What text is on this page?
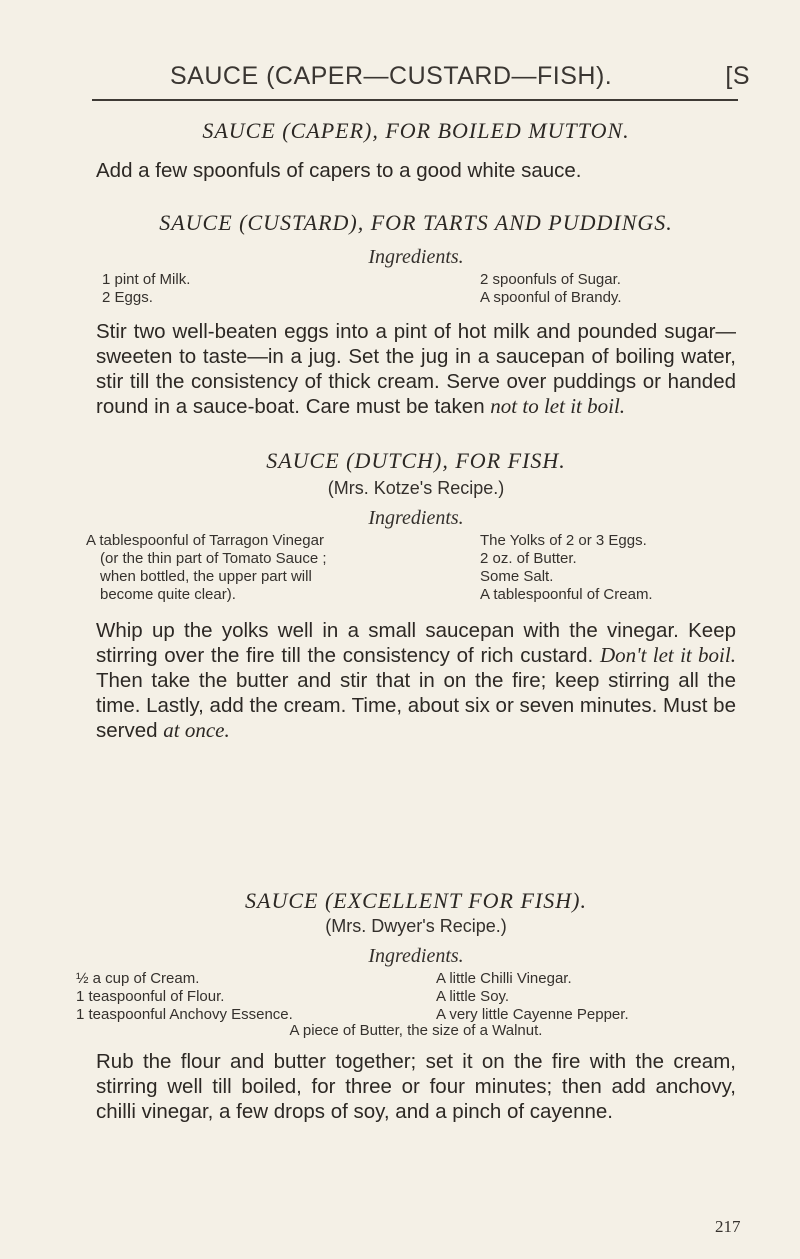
SAUCE (CAPER—CUSTARD—FISH).	[S
SAUCE (CAPER), FOR BOILED MUTTON.
Add a few spoonfuls of capers to a good white sauce.
SAUCE (CUSTARD), FOR TARTS AND PUDDINGS.
Ingredients.
1 pint of Milk.
2 Eggs.
2 spoonfuls of Sugar.
A spoonful of Brandy.
Stir two well-beaten eggs into a pint of hot milk and pounded sugar—sweeten to taste—in a jug. Set the jug in a saucepan of boiling water, stir till the consistency of thick cream. Serve over puddings or handed round in a sauce-boat. Care must be taken not to let it boil.
SAUCE (DUTCH), FOR FISH.
(Mrs. Kotze's Recipe.)
Ingredients.
A tablespoonful of Tarragon Vinegar
(or the thin part of Tomato Sauce ;
when bottled, the upper part will
become quite clear).
The Yolks of 2 or 3 Eggs.
2 oz. of Butter.
Some Salt.
A tablespoonful of Cream.
Whip up the yolks well in a small saucepan with the vinegar. Keep stirring over the fire till the consistency of rich custard. Don't let it boil. Then take the butter and stir that in on the fire; keep stirring all the time. Lastly, add the cream. Time, about six or seven minutes. Must be served at once.
SAUCE (EXCELLENT FOR FISH).
(Mrs. Dwyer's Recipe.)
Ingredients.
½ a cup of Cream.
1 teaspoonful of Flour.
1 teaspoonful Anchovy Essence.
A little Chilli Vinegar.
A little Soy.
A very little Cayenne Pepper.
A piece of Butter, the size of a Walnut.
Rub the flour and butter together; set it on the fire with the cream, stirring well till boiled, for three or four minutes; then add anchovy, chilli vinegar, a few drops of soy, and a pinch of cayenne.
217
